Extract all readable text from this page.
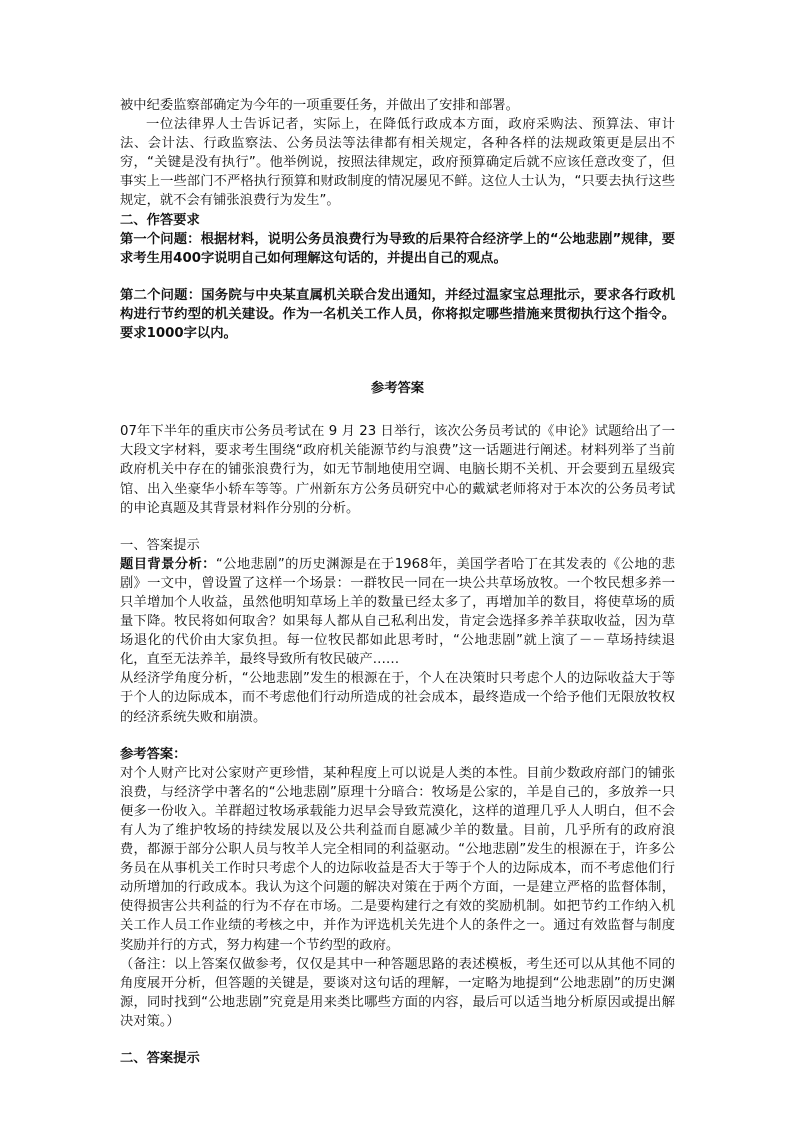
被中纪委监察部确定为今年的一项重要任务，并做出了安排和部署。

一位法律界人士告诉记者，实际上，在降低行政成本方面，政府采购法、预算法、审计法、会计法、行政监察法、公务员法等法律都有相关规定，各种各样的法规政策更是层出不穷，“关键是没有执行”。他举例说，按照法律规定，政府预算确定后就不应该任意改变了，但事实上一些部门不严格执行预算和财政制度的情况屡见不鲜。这位人士认为，“只要去执行这些规定，就不会有铺张浪费行为发生”。

二、作答要求

第一个问题：根据材料，说明公务员浪费行为导致的后果符合经济学上的“公地悲剧”规律，要求考生用400字说明自己如何理解这句话的，并提出自己的观点。

第二个问题：国务院与中央某直属机关联合发出通知，并经过温家宝总理批示，要求各行政机构进行节约型的机关建设。作为一名机关工作人员，你将拟定哪些措施来贯彻执行这个指令。要求1000字以内。

参考答案

07年下半年的重庆市公务员考试在 9 月 23 日举行，该次公务员考试的《申论》试题给出了一大段文字材料，要求考生围绕“政府机关能源节约与浪费”这一话题进行阐述。材料列举了当前政府机关中存在的铺张浪费行为，如无节制地使用空调、电脑长期不关机、开会要到五星级宾馆、出入坐豪华小轿车等等。广州新东方公务员研究中心的戴斌老师将对于本次的公务员考试的申论真题及其背景材料作分别的分析。

一、答案提示

题目背景分析：“公地悲剧”的历史渊源是在于1968年，美国学者哈丁在其发表的《公地的悲剧》一文中，曾设置了这样一个场景：一群牧民一同在一块公共草场放牧。一个牧民想多养一只羊增加个人收益，虽然他明知草场上羊的数量已经太多了，再增加羊的数目，将使草场的质量下降。牧民将如何取舍？如果每人都从自己私利出发，肯定会选择多养羊获取收益，因为草场退化的代价由大家负担。每一位牧民都如此思考时，“公地悲剧”就上演了－－草场持续退化，直至无法养羊，最终导致所有牧民破产……

从经济学角度分析，“公地悲剧”发生的根源在于，个人在决策时只考虑个人的边际收益大于等于个人的边际成本，而不考虑他们行动所造成的社会成本，最终造成一个给予他们无限放牧权的经济系统失败和崩溃。

参考答案：

对个人财产比对公家财产更珍惜，某种程度上可以说是人类的本性。目前少数政府部门的铺张浪费，与经济学中著名的“公地悲剧”原理十分暗合：牧场是公家的，羊是自己的，多放养一只便多一份收入。羊群超过牧场承载能力迟早会导致荒漠化，这样的道理几乎人人明白，但不会有人为了维护牧场的持续发展以及公共利益而自愿减少羊的数量。目前，几乎所有的政府浪费，都源于部分公职人员与牧羊人完全相同的利益驱动。“公地悲剧”发生的根源在于，许多公务员在从事机关工作时只考虑个人的边际收益是否大于等于个人的边际成本，而不考虑他们行动所增加的行政成本。我认为这个问题的解决对策在于两个方面，一是建立严格的监督体制，使得损害公共利益的行为不存在市场。二是要构建行之有效的奖励机制。如把节约工作纳入机关工作人员工作业绩的考核之中，并作为评选机关先进个人的条件之一。通过有效监督与制度奖励并行的方式，努力构建一个节约型的政府。

（备注：以上答案仅做参考，仅仅是其中一种答题思路的表述模板，考生还可以从其他不同的角度展开分析，但答题的关键是，要谈对这句话的理解，一定略为地提到“公地悲剧”的历史渊源，同时找到“公地悲剧”究竟是用来类比哪些方面的内容，最后可以适当地分析原因或提出解决对策。）

二、答案提示
